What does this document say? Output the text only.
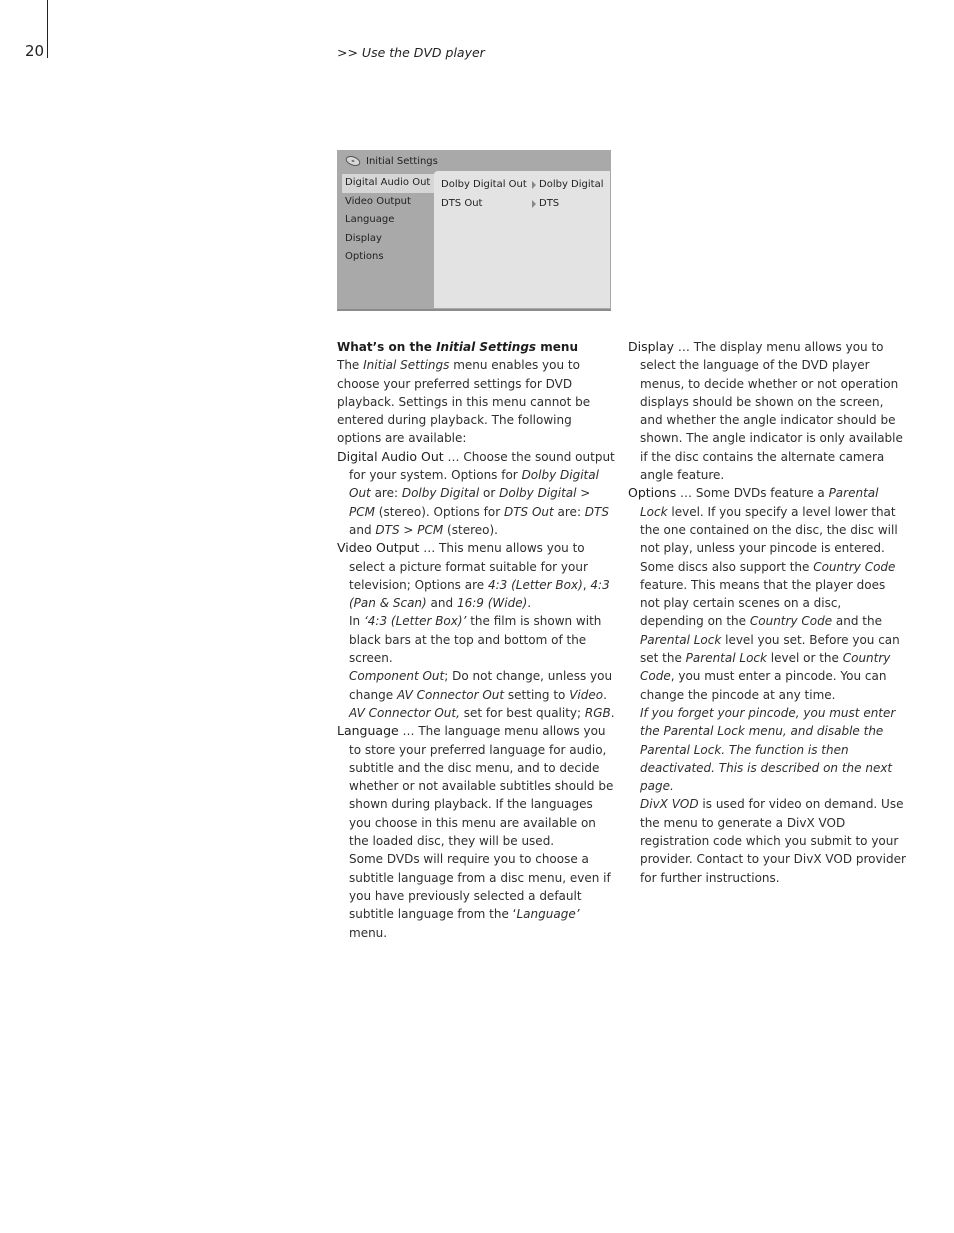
20	>> Use the DVD player
Initial Settings
Digital Audio Out
Video Output
Language
Display
Options
Dolby Digital Out Dolby Digital
DTS Out	DTS

What’s on the Initial Settings menu

The Initial Settings menu enables you to choose your preferred settings for DVD playback. Settings in this menu cannot be entered during playback. The following options are available:

Digital Audio Out … Choose the sound output for your system. Options for Dolby Digital Out are: Dolby Digital or Dolby Digital > PCM (stereo). Options for DTS Out are: DTS and DTS > PCM (stereo).

Video Output … This menu allows you to select a picture format suitable for your television; Options are 4:3 (Letter Box), 4:3 (Pan & Scan) and 16:9 (Wide).

In ‘4:3 (Letter Box)’ the film is shown with black bars at the top and bottom of the screen.

Component Out; Do not change, unless you change AV Connector Out setting to Video.

AV Connector Out, set for best quality; RGB.

Language … The language menu allows you to store your preferred language for audio, subtitle and the disc menu, and to decide whether or not available subtitles should be shown during playback. If the languages you choose in this menu are available on the loaded disc, they will be used.

Some DVDs will require you to choose a subtitle language from a disc menu, even if you have previously selected a default subtitle language from the ‘Language’ menu.

Display … The display menu allows you to select the language of the DVD player menus, to decide whether or not operation displays should be shown on the screen, and whether the angle indicator should be shown. The angle indicator is only available if the disc contains the alternate camera angle feature.

Options … Some DVDs feature a Parental Lock level. If you specify a level lower that the one contained on the disc, the disc will not play, unless your pincode is entered. Some discs also support the Country Code feature. This means that the player does not play certain scenes on a disc, depending on the Country Code and the Parental Lock level you set. Before you can set the Parental Lock level or the Country Code, you must enter a pincode. You can change the pincode at any time.

If you forget your pincode, you must enter the Parental Lock menu, and disable the Parental Lock. The function is then deactivated. This is described on the next page.

DivX VOD is used for video on demand. Use the menu to generate a DivX VOD registration code which you submit to your provider. Contact to your DivX VOD provider for further instructions.
